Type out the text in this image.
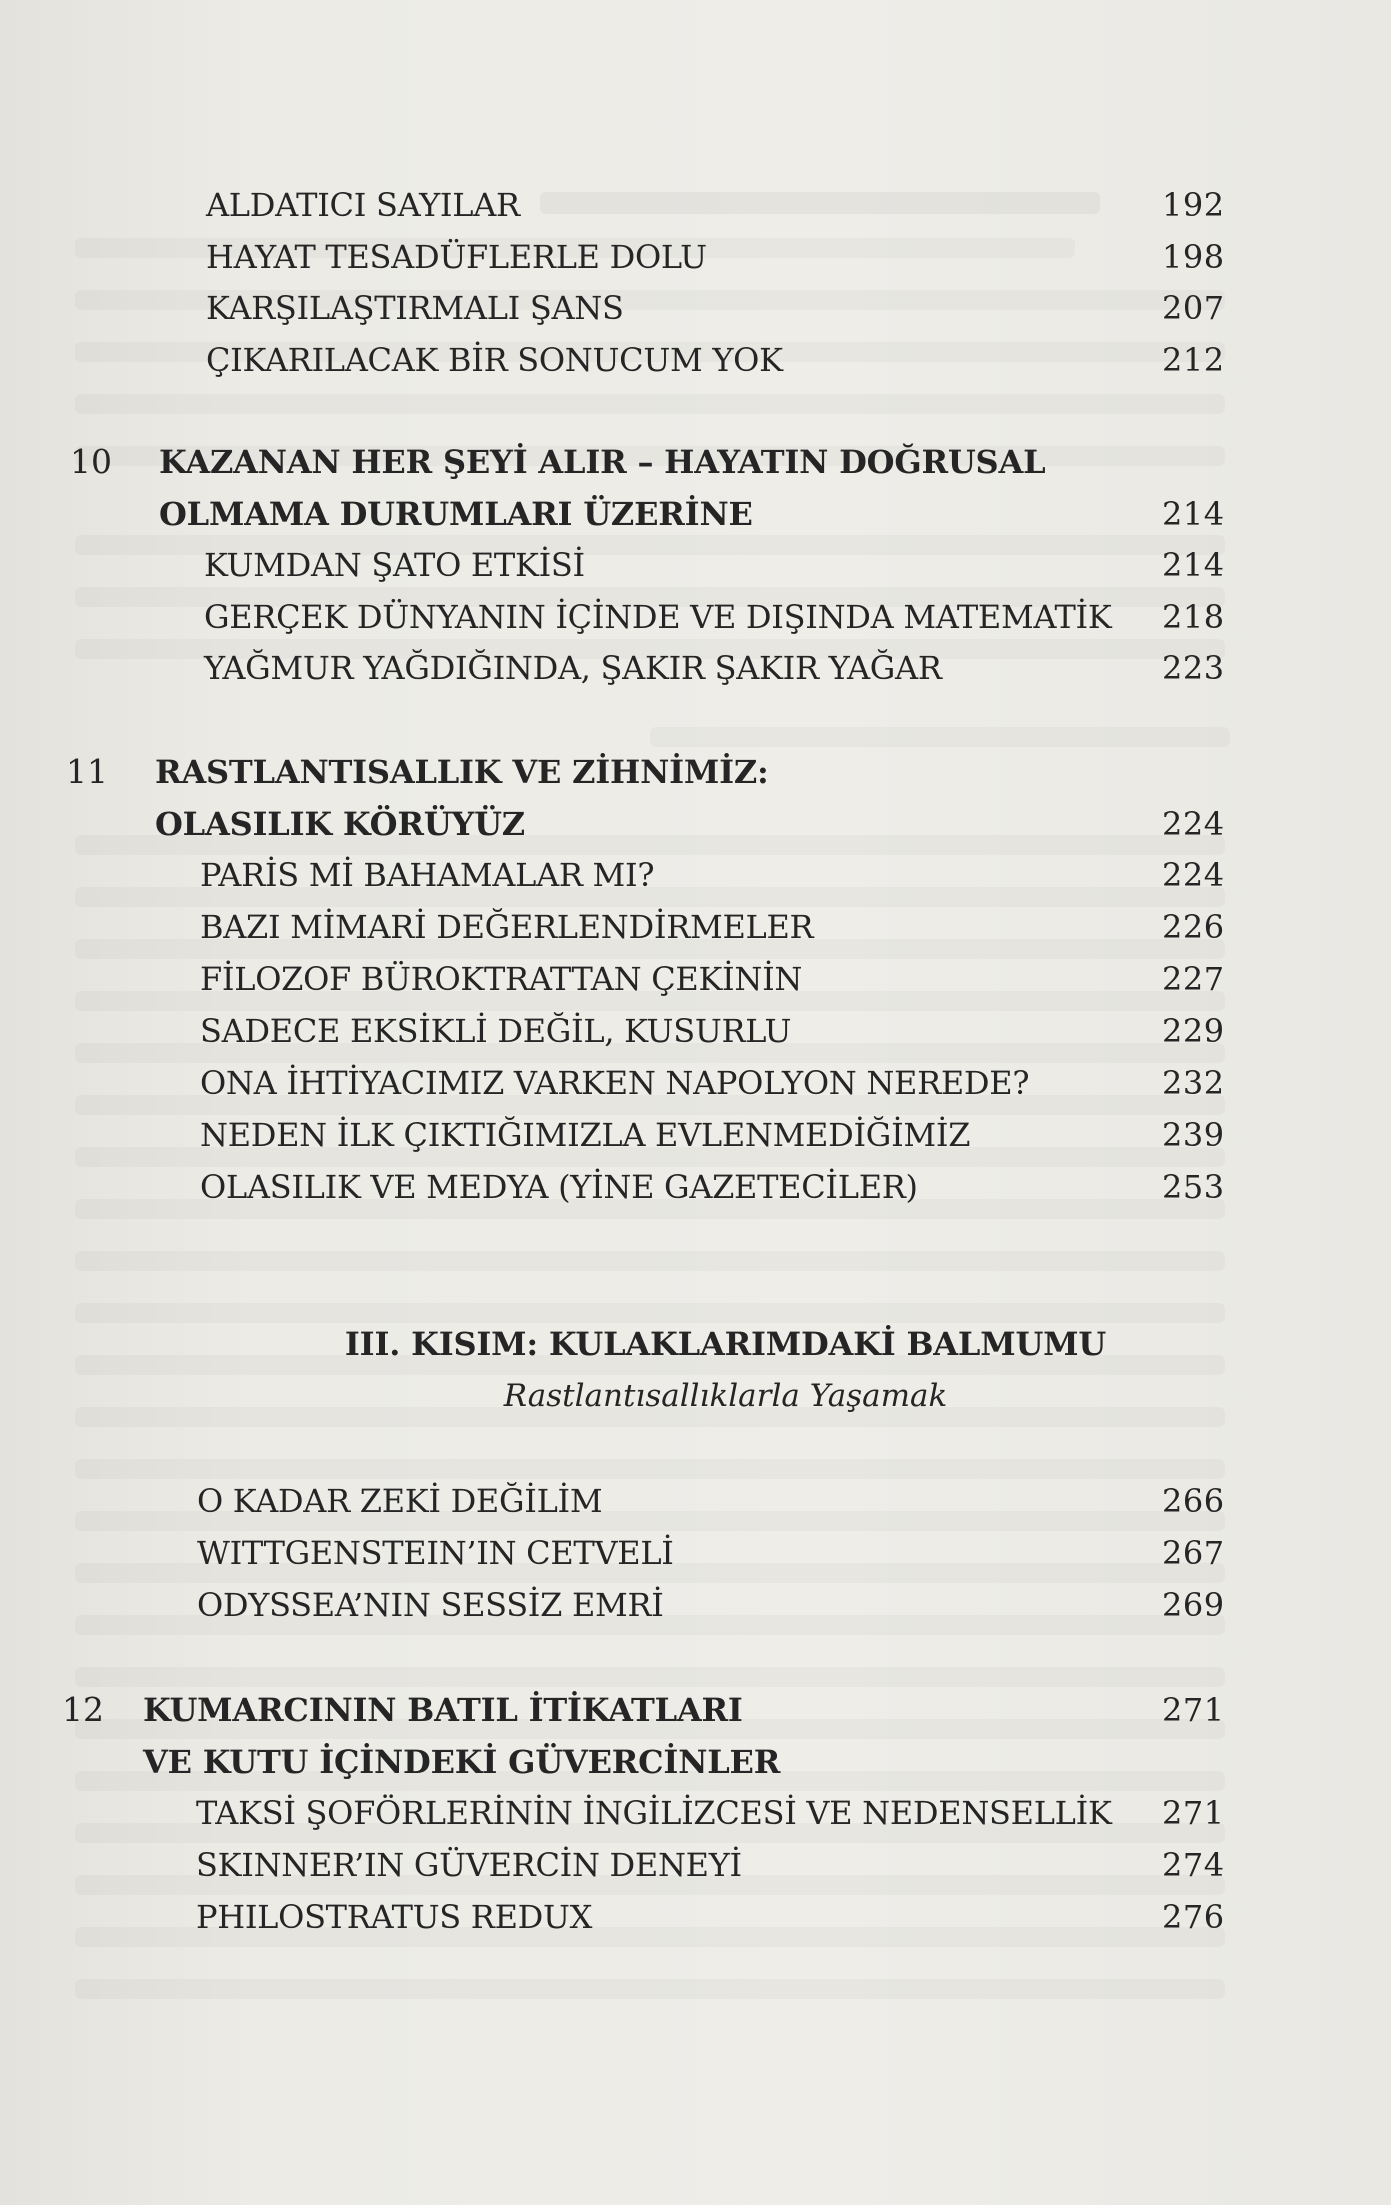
ALDATICI SAYILAR	192
HAYAT TESADÜFLERLE DOLU	198
KARŞILAŞTIRMALI ŞANS	207
ÇIKARILACAK BİR SONUCUM YOK	212
10 KAZANAN HER ŞEYİ ALIR – HAYATIN DOĞRUSAL
OLMAMA DURUMLARI ÜZERİNE	214
KUMDAN ŞATO ETKİSİ	214
GERÇEK DÜNYANIN İÇİNDE VE DIŞINDA MATEMATİK 218
YAĞMUR YAĞDIĞINDA, ŞAKIR ŞAKIR YAĞAR	223
11 RASTLANTISALLIK VE ZİHNİMİZ:
OLASILIK KÖRÜYÜZ	224
PARİS Mİ BAHAMALAR MI?	224
BAZI MİMARİ DEĞERLENDİRMELER	226
FİLOZOF BÜROKTRATTAN ÇEKİNİN	227
SADECE EKSİKLİ DEĞİL, KUSURLU	229
ONA İHTİYACIMIZ VARKEN NAPOLYON NEREDE?	232
NEDEN İLK ÇIKTIĞIMIZLA EVLENMEDİĞİMİZ	239
OLASILIK VE MEDYA (YİNE GAZETECİLER)	253
III. KISIM: KULAKLARIMDAKİ BALMUMU
Rastlantısallıklarla Yaşamak
O KADAR ZEKİ DEĞİLİM	266
WITTGENSTEIN’IN CETVELİ	267
ODYSSEA’NIN SESSİZ EMRİ	269
12 KUMARCININ BATIL İTİKATLARI	271
VE KUTU İÇİNDEKİ GÜVERCİNLER
TAKSİ ŞOFÖRLERİNİN İNGİLİZCESİ VE NEDENSELLİK 271
SKINNER’IN GÜVERCİN DENEYİ	274
PHILOSTRATUS REDUX	276
